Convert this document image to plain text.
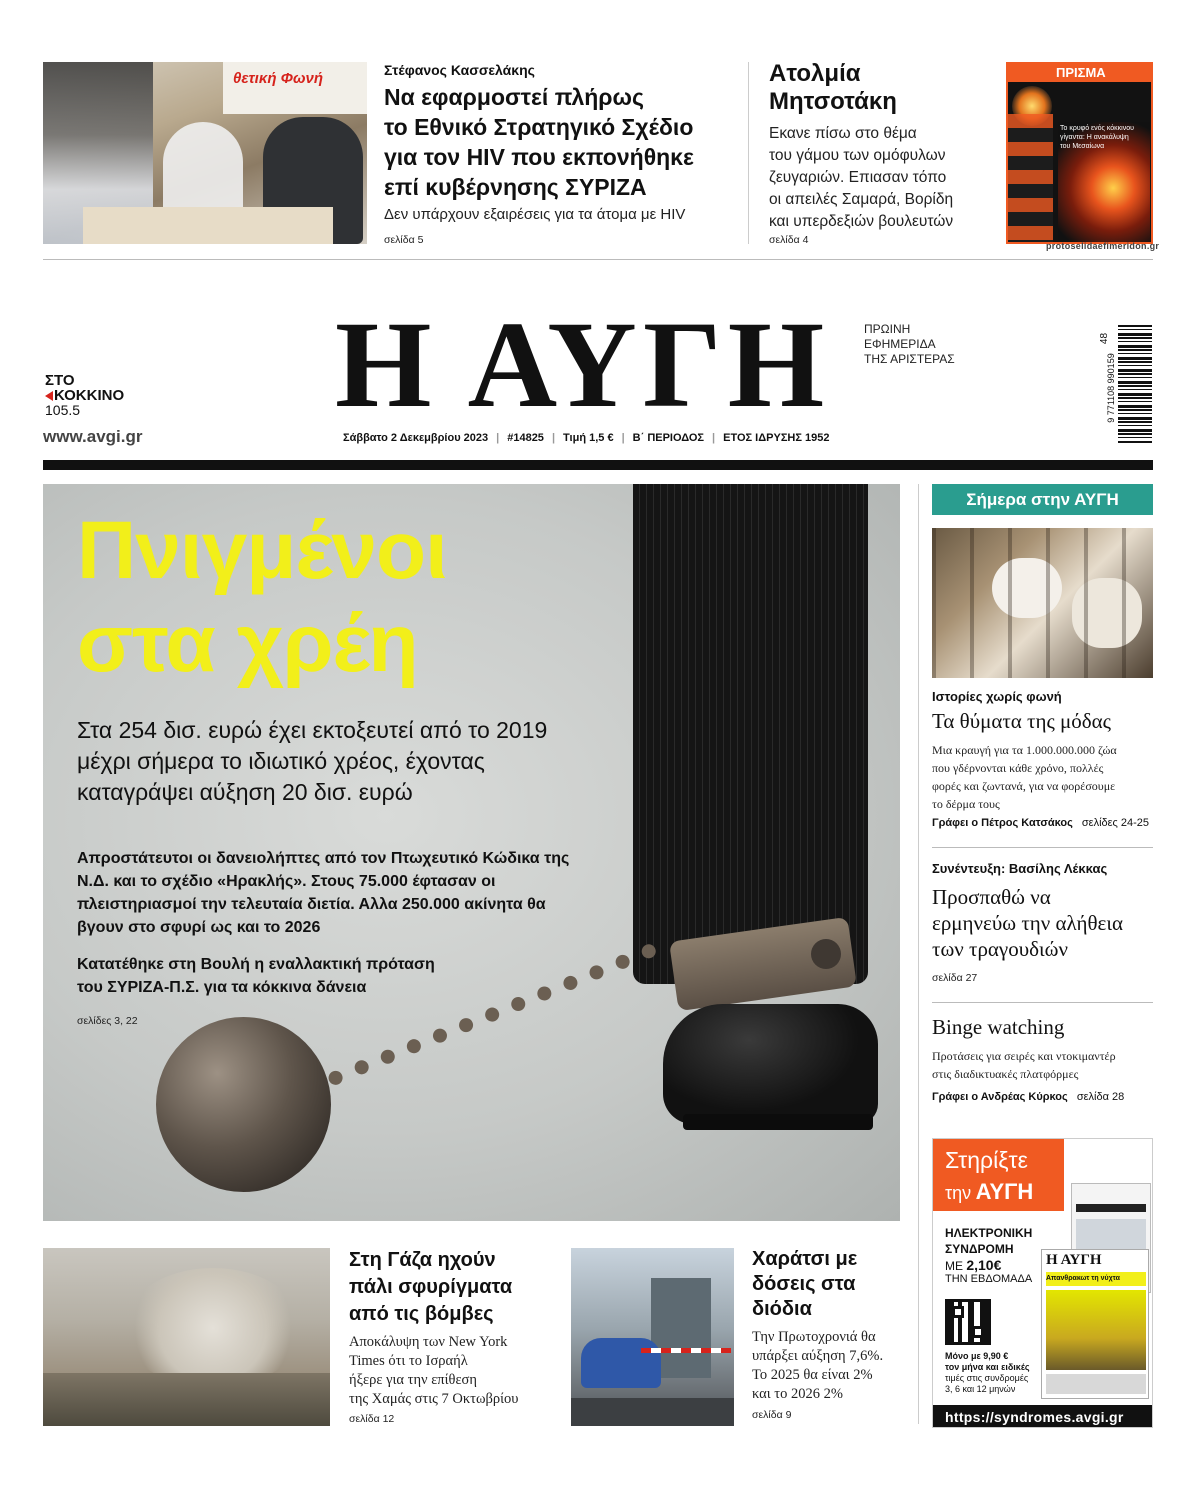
θετική Φωνή	Στέφανος Κασσελάκης
Να εφαρμοστεί πλήρως
το Εθνικό Στρατηγικό Σχέδιο
για τον HIV που εκπονήθηκε
επί κυβέρνησης ΣΥΡΙΖΑ
Δεν υπάρχουν εξαιρέσεις για τα άτομα με HIV
σελίδα 5
Ατολμία
Μητσοτάκη
Εκανε πίσω στο θέμα
του γάμου των ομόφυλων
ζευγαριών. Επιασαν τόπο
οι απειλές Σαμαρά, Βορίδη
και υπερδεξιών βουλευτών
σελίδα 4
ΠΡΙΣΜΑ
Το κρυφό ενός κόκκινου
γίγαντα: Η ανακάλυψη
του Μεσαίωνα
protoselidaefimeridon.gr
ΣΤΟ
ΚΟΚΚΙΝΟ
105.5
www.avgi.gr
Η ΑΥΓΗ	ΠΡΩΙΝΗ
ΕΦΗΜΕΡΙΔΑ
ΤΗΣ ΑΡΙΣΤΕΡΑΣ	9 771108 990159
48
Σάββατο 2 Δεκεμβρίου 2023 | #14825 | Τιμή 1,5 € | Β΄ ΠΕΡΙΟΔΟΣ | ΕΤΟΣ ΙΔΡΥΣΗΣ 1952
Πνιγμένοι
στα χρέη
Στα 254 δισ. ευρώ έχει εκτοξευτεί από το 2019
μέχρι σήμερα το ιδιωτικό χρέος, έχοντας
καταγράψει αύξηση 20 δισ. ευρώ
Απροστάτευτοι οι δανειολήπτες από τον Πτωχευτικό Κώδικα της
Ν.Δ. και το σχέδιο «Ηρακλής». Στους 75.000 έφτασαν οι
πλειστηριασμοί την τελευταία διετία. Αλλα 250.000 ακίνητα θα
βγουν στο σφυρί ως και το 2026
Κατατέθηκε στη Βουλή η εναλλακτική πρόταση
του ΣΥΡΙΖΑ-Π.Σ. για τα κόκκινα δάνεια
σελίδες 3, 22
Σήμερα στην ΑΥΓΗ
Ιστορίες χωρίς φωνή
Τα θύματα της μόδας
Μια κραυγή για τα 1.000.000.000 ζώα
που γδέρνονται κάθε χρόνο, πολλές
φορές και ζωντανά, για να φορέσουμε
το δέρμα τους
Γράφει ο Πέτρος Κατσάκος σελίδες 24-25
Συνέντευξη: Βασίλης Λέκκας
Προσπαθώ να
ερμηνεύω την αλήθεια
των τραγουδιών
σελίδα 27
Binge watching
Προτάσεις για σειρές και ντοκιμαντέρ
στις διαδικτυακές πλατφόρμες
Γράφει ο Ανδρέας Κύρκος σελίδα 28
Στηρίξτε
την ΑΥΓΗ
ΗΛΕΚΤΡΟΝΙΚΗ
ΣΥΝΔΡΟΜΗ
ΜΕ 2,10€
ΤΗΝ ΕΒΔΟΜΑΔΑ
Μόνο με 9,90 €
τον μήνα και ειδικές
τιμές στις συνδρομές
3, 6 και 12 μηνών
Η ΑΥΓΗ
Απανθρακωτ τη νύχτα
https://syndromes.avgi.gr
Στη Γάζα ηχούν
πάλι σφυρίγματα
από τις βόμβες
Αποκάλυψη των New York
Times ότι το Ισραήλ
ήξερε για την επίθεση
της Χαμάς στις 7 Οκτωβρίου
σελίδα 12
Χαράτσι με
δόσεις στα
διόδια
Την Πρωτοχρονιά θα
υπάρξει αύξηση 7,6%.
Το 2025 θα είναι 2%
και το 2026 2%
σελίδα 9
